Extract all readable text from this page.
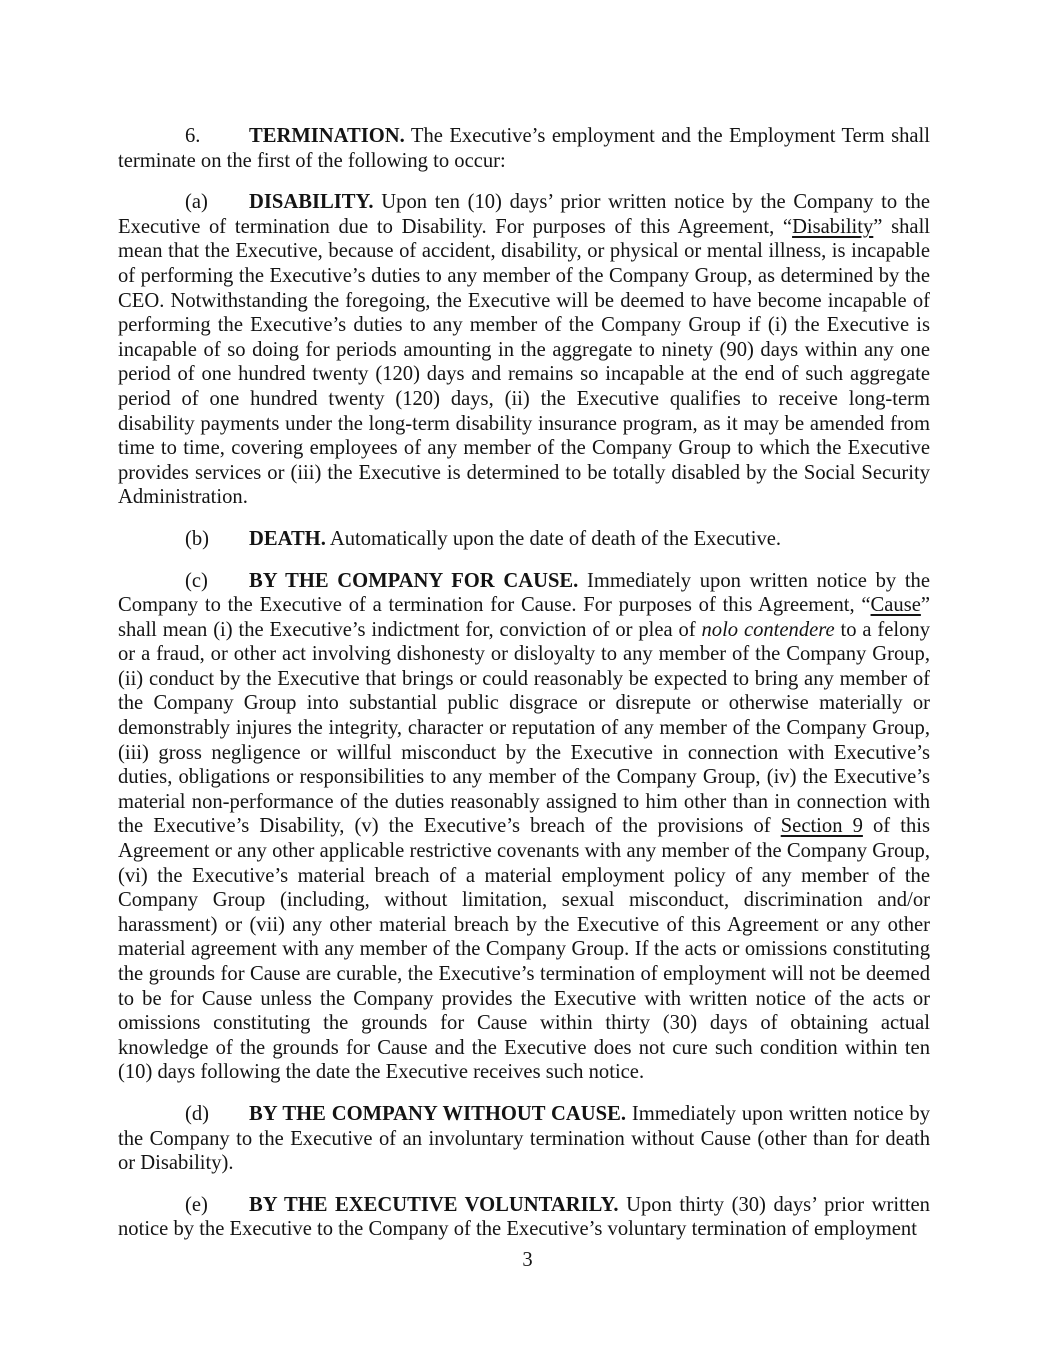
6. TERMINATION. The Executive’s employment and the Employment Term shall terminate on the first of the following to occur:

(a) DISABILITY. Upon ten (10) days’ prior written notice by the Company to the Executive of termination due to Disability. For purposes of this Agreement, “Disability” shall mean that the Executive, because of accident, disability, or physical or mental illness, is incapable of performing the Executive’s duties to any member of the Company Group, as determined by the CEO. Notwithstanding the foregoing, the Executive will be deemed to have become incapable of performing the Executive’s duties to any member of the Company Group if (i) the Executive is incapable of so doing for periods amounting in the aggregate to ninety (90) days within any one period of one hundred twenty (120) days and remains so incapable at the end of such aggregate period of one hundred twenty (120) days, (ii) the Executive qualifies to receive long-term disability payments under the long-term disability insurance program, as it may be amended from time to time, covering employees of any member of the Company Group to which the Executive provides services or (iii) the Executive is determined to be totally disabled by the Social Security Administration.

(b) DEATH. Automatically upon the date of death of the Executive.

(c) BY THE COMPANY FOR CAUSE. Immediately upon written notice by the Company to the Executive of a termination for Cause. For purposes of this Agreement, “Cause” shall mean (i) the Executive’s indictment for, conviction of or plea of nolo contendere to a felony or a fraud, or other act involving dishonesty or disloyalty to any member of the Company Group, (ii) conduct by the Executive that brings or could reasonably be expected to bring any member of the Company Group into substantial public disgrace or disrepute or otherwise materially or demonstrably injures the integrity, character or reputation of any member of the Company Group, (iii) gross negligence or willful misconduct by the Executive in connection with Executive’s duties, obligations or responsibilities to any member of the Company Group, (iv) the Executive’s material non-performance of the duties reasonably assigned to him other than in connection with the Executive’s Disability, (v) the Executive’s breach of the provisions of Section 9 of this Agreement or any other applicable restrictive covenants with any member of the Company Group, (vi) the Executive’s material breach of a material employment policy of any member of the Company Group (including, without limitation, sexual misconduct, discrimination and/or harassment) or (vii) any other material breach by the Executive of this Agreement or any other material agreement with any member of the Company Group. If the acts or omissions constituting the grounds for Cause are curable, the Executive’s termination of employment will not be deemed to be for Cause unless the Company provides the Executive with written notice of the acts or omissions constituting the grounds for Cause within thirty (30) days of obtaining actual knowledge of the grounds for Cause and the Executive does not cure such condition within ten (10) days following the date the Executive receives such notice.

(d) BY THE COMPANY WITHOUT CAUSE. Immediately upon written notice by the Company to the Executive of an involuntary termination without Cause (other than for death or Disability).

(e) BY THE EXECUTIVE VOLUNTARILY. Upon thirty (30) days’ prior written notice by the Executive to the Company of the Executive’s voluntary termination of employment

3
